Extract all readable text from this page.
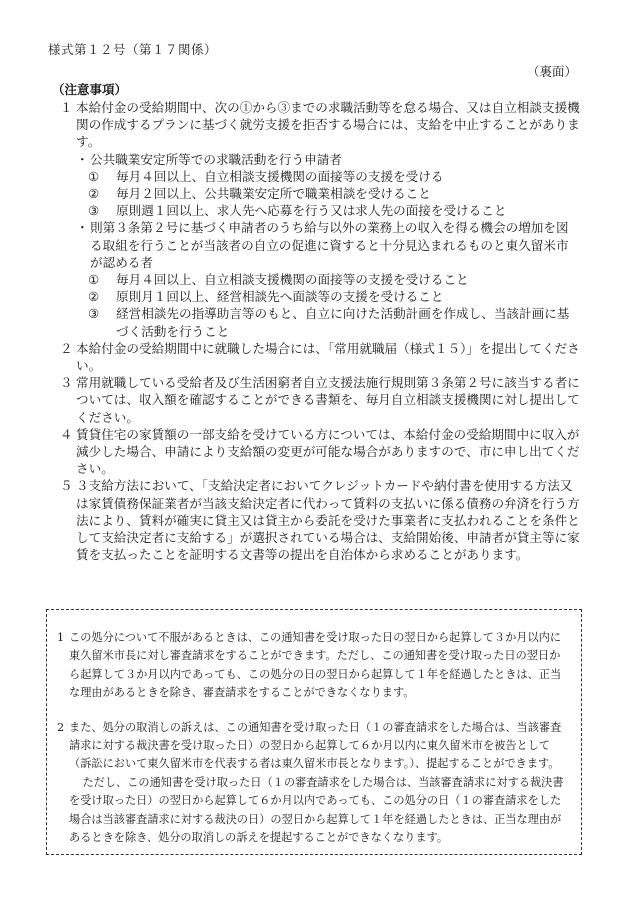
様式第１２号（第１７関係）
（裏面）
（注意事項）
１ 本給付金の受給期間中、次の①から③までの求職活動等を怠る場合、又は自立相談支援機関の作成するプランに基づく就労支援を拒否する場合には、支給を中止することがあります。
・ 公共職業安定所等での求職活動を行う申請者
① 毎月４回以上、自立相談支援機関の面接等の支援を受ける
② 毎月２回以上、公共職業安定所で職業相談を受けること
③ 原則週１回以上、求人先へ応募を行う又は求人先の面接を受けること
・ 則第３条第２号に基づく申請者のうち給与以外の業務上の収入を得る機会の増加を図る取組を行うことが当該者の自立の促進に資すると十分見込まれるものと東久留米市が認める者
① 毎月４回以上、自立相談支援機関の面接等の支援を受けること
② 原則月１回以上、経営相談先へ面談等の支援を受けること
③ 経営相談先の指導助言等のもと、自立に向けた活動計画を作成し、当該計画に基づく活動を行うこと
２ 本給付金の受給期間中に就職した場合には、「常用就職届（様式１５）」を提出してください。
３ 常用就職している受給者及び生活困窮者自立支援法施行規則第３条第２号に該当する者については、収入額を確認することができる書類を、毎月自立相談支援機関に対し提出してください。
４ 賃貸住宅の家賃額の一部支給を受けている方については、本給付金の受給期間中に収入が減少した場合、申請により支給額の変更が可能な場合がありますので、市に申し出てください。
５ ３支給方法において、「支給決定者においてクレジットカードや納付書を使用する方法又は家賃債務保証業者が当該支給決定者に代わって賃料の支払いに係る債務の弁済を行う方法により、賃料が確実に貸主又は貸主から委託を受けた事業者に支払われることを条件として支給決定者に支給する」が選択されている場合は、支給開始後、申請者が貸主等に家賃を支払ったことを証明する文書等の提出を自治体から求めることがあります。
1 この処分について不服があるときは、この通知書を受け取った日の翌日から起算して３か月以内に東久留米市長に対し審査請求をすることができます。ただし、この通知書を受け取った日の翌日から起算して３か月以内であっても、この処分の日の翌日から起算して１年を経過したときは、正当な理由があるときを除き、審査請求をすることができなくなります。
2 また、処分の取消しの訴えは、この通知書を受け取った日（１の審査請求をした場合は、当該審査請求に対する裁決書を受け取った日）の翌日から起算して６か月以内に東久留米市を被告として（訴訟において東久留米市を代表する者は東久留米市長となります。）、提起することができます。

ただし、この通知書を受け取った日（１の審査請求をした場合は、当該審査請求に対する裁決書を受け取った日）の翌日から起算して６か月以内であっても、この処分の日（１の審査請求をした場合は当該審査請求に対する裁決の日）の翌日から起算して１年を経過したときは、正当な理由があるときを除き、処分の取消しの訴えを提起することができなくなります。
